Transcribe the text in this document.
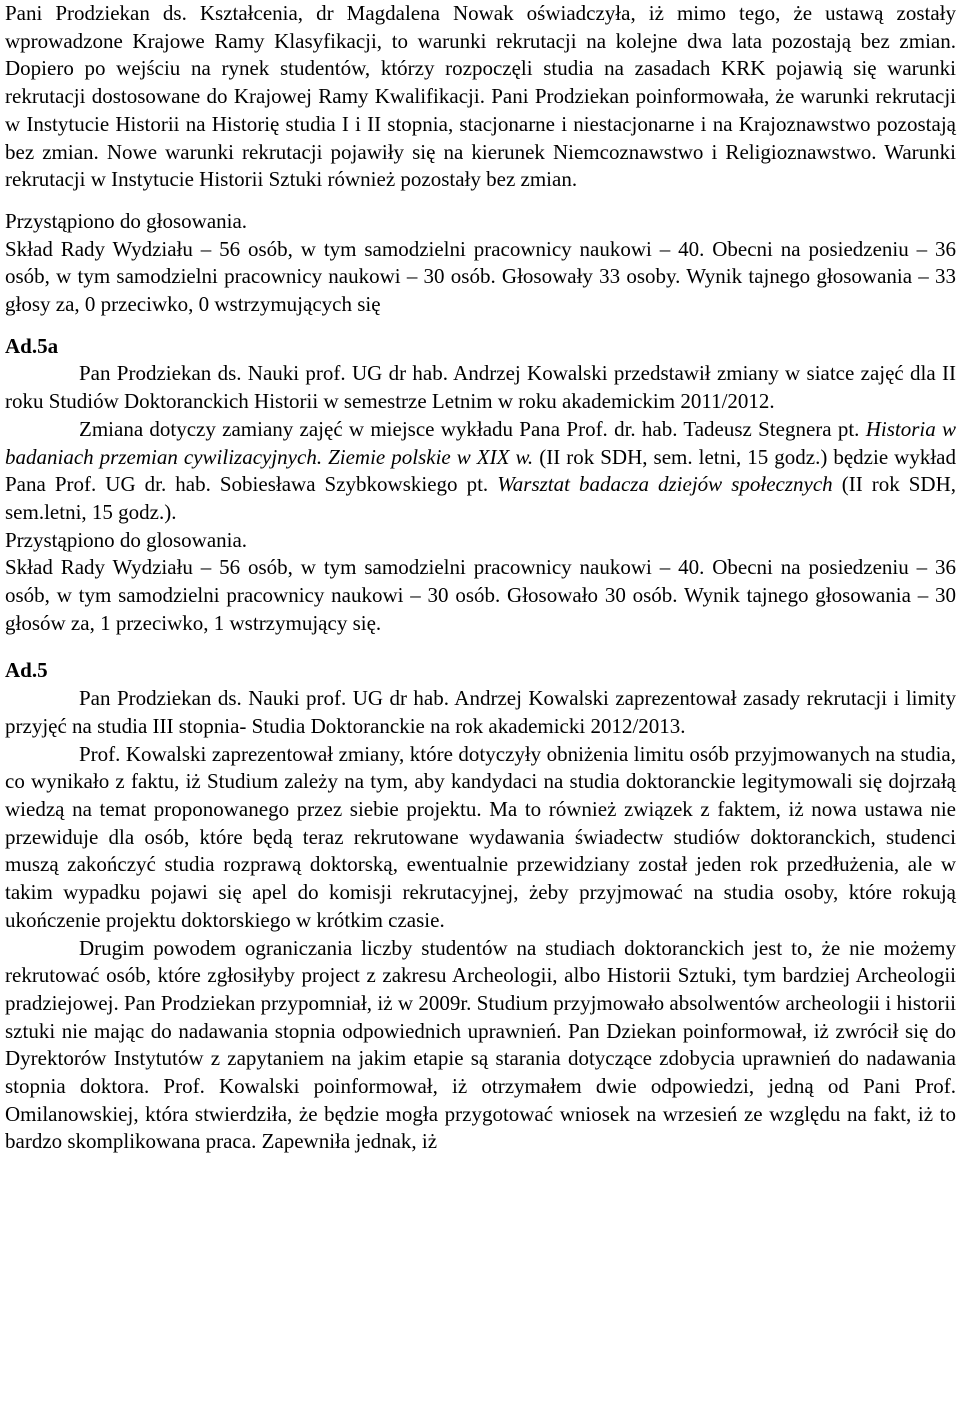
Pani Prodziekan ds. Kształcenia, dr Magdalena Nowak oświadczyła, iż mimo tego, że ustawą zostały wprowadzone Krajowe Ramy Klasyfikacji, to warunki rekrutacji na kolejne dwa lata pozostają bez zmian. Dopiero po wejściu na rynek studentów, którzy rozpoczęli studia na zasadach KRK pojawią się warunki rekrutacji dostosowane do Krajowej Ramy Kwalifikacji. Pani Prodziekan poinformowała, że warunki rekrutacji w Instytucie Historii na Historię studia I i II stopnia, stacjonarne i niestacjonarne i na Krajoznawstwo pozostają bez zmian. Nowe warunki rekrutacji pojawiły się na kierunek Niemcoznawstwo i Religioznawstwo. Warunki rekrutacji w Instytucie Historii Sztuki również pozostały bez zmian.

Przystąpiono do głosowania.

Skład Rady Wydziału – 56 osób, w tym samodzielni pracownicy naukowi – 40. Obecni na posiedzeniu – 36 osób, w tym samodzielni pracownicy naukowi – 30 osób. Głosowały 33 osoby. Wynik tajnego głosowania – 33 głosy za, 0 przeciwko, 0 wstrzymujących się

Ad.5a

Pan Prodziekan ds. Nauki prof. UG dr hab. Andrzej Kowalski przedstawił zmiany w siatce zajęć dla II roku Studiów Doktoranckich Historii w semestrze Letnim w roku akademickim 2011/2012.

Zmiana dotyczy zamiany zajęć w miejsce wykładu Pana Prof. dr. hab. Tadeusz Stegnera pt. Historia w badaniach przemian cywilizacyjnych. Ziemie polskie w XIX w. (II rok SDH, sem. letni, 15 godz.) będzie wykład Pana Prof. UG dr. hab. Sobiesława Szybkowskiego pt. Warsztat badacza dziejów społecznych (II rok SDH, sem.letni, 15 godz.).

Przystąpiono do glosowania.

Skład Rady Wydziału – 56 osób, w tym samodzielni pracownicy naukowi – 40. Obecni na posiedzeniu – 36 osób, w tym samodzielni pracownicy naukowi – 30 osób. Głosowało 30 osób. Wynik tajnego głosowania – 30 głosów za, 1 przeciwko, 1 wstrzymujący się.

Ad.5

Pan Prodziekan ds. Nauki prof. UG dr hab. Andrzej Kowalski zaprezentował zasady rekrutacji i limity przyjęć na studia III stopnia- Studia Doktoranckie na rok akademicki 2012/2013.

Prof. Kowalski zaprezentował zmiany, które dotyczyły obniżenia limitu osób przyjmowanych na studia, co wynikało z faktu, iż Studium zależy na tym, aby kandydaci na studia doktoranckie legitymowali się dojrzałą wiedzą na temat proponowanego przez siebie projektu. Ma to również związek z faktem, iż nowa ustawa nie przewiduje dla osób, które będą teraz rekrutowane wydawania świadectw studiów doktoranckich, studenci muszą zakończyć studia rozprawą doktorską, ewentualnie przewidziany został jeden rok przedłużenia, ale w takim wypadku pojawi się apel do komisji rekrutacyjnej, żeby przyjmować na studia osoby, które rokują ukończenie projektu doktorskiego w krótkim czasie.

Drugim powodem ograniczania liczby studentów na studiach doktoranckich jest to, że nie możemy rekrutować osób, które zgłosiłyby project z zakresu Archeologii, albo Historii Sztuki, tym bardziej Archeologii pradziejowej. Pan Prodziekan przypomniał, iż w 2009r. Studium przyjmowało absolwentów archeologii i historii sztuki nie mając do nadawania stopnia odpowiednich uprawnień. Pan Dziekan poinformował, iż zwrócił się do Dyrektorów Instytutów z zapytaniem na jakim etapie są starania dotyczące zdobycia uprawnień do nadawania stopnia doktora. Prof. Kowalski poinformował, iż otrzymałem dwie odpowiedzi, jedną od Pani Prof. Omilanowskiej, która stwierdziła, że będzie mogła przygotować wniosek na wrzesień ze względu na fakt, iż to bardzo skomplikowana praca. Zapewniła jednak, iż
